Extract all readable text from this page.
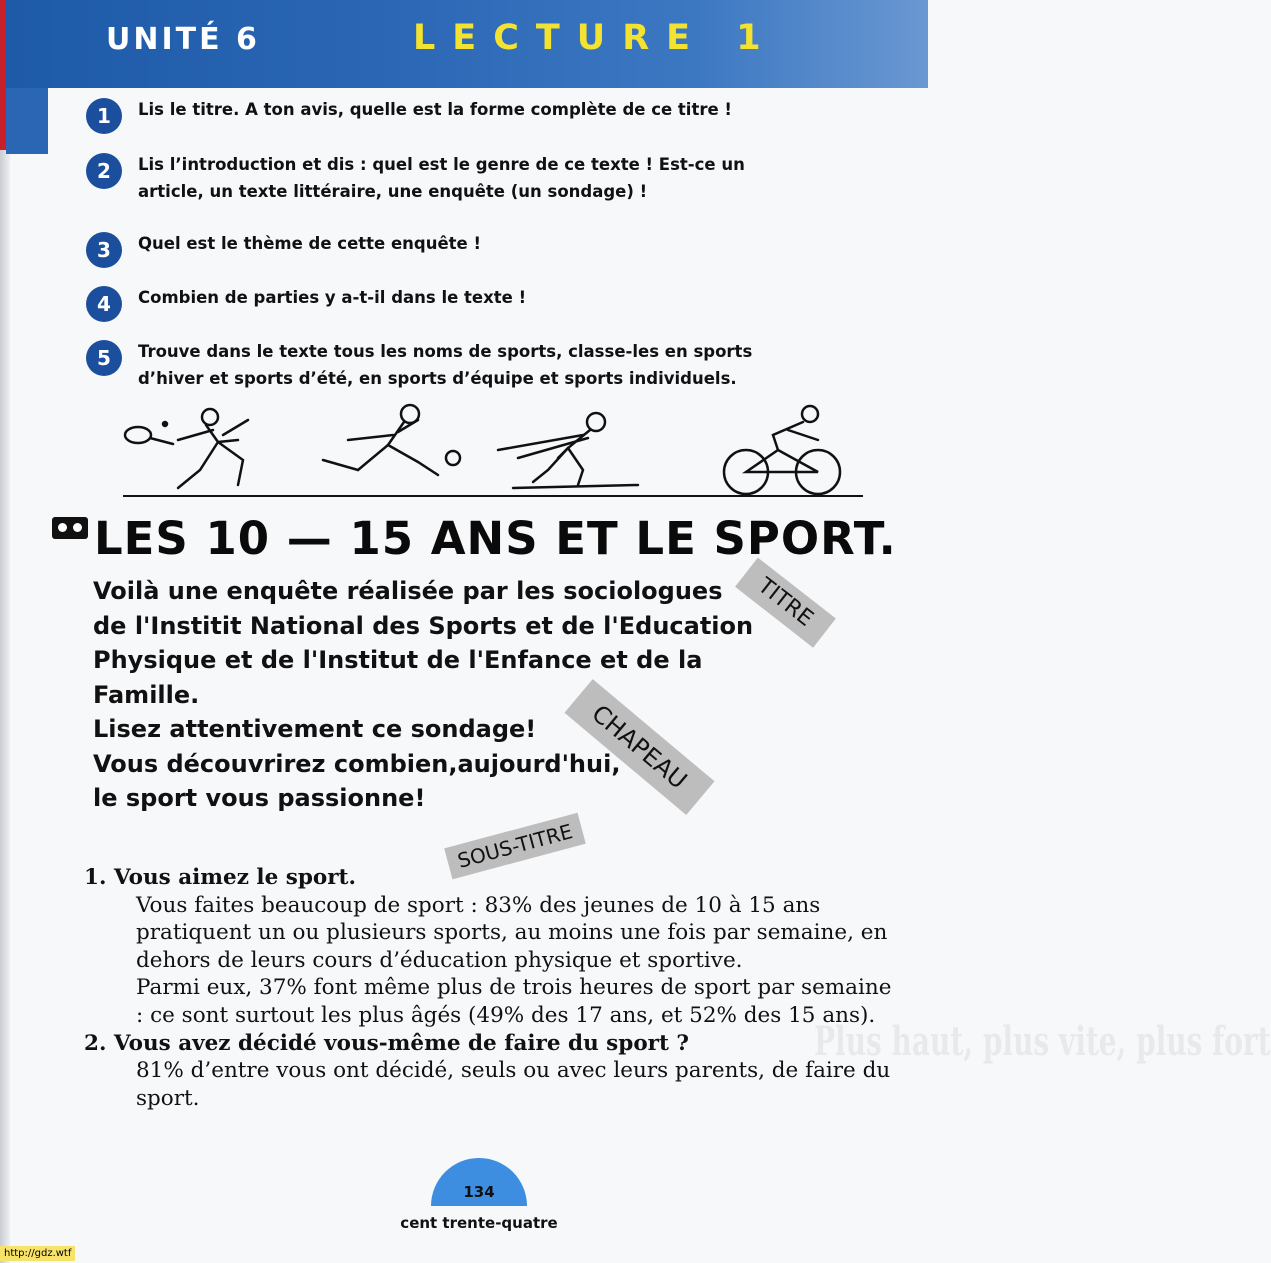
UNITÉ 6	LECTURE 1
1	Lis le titre. A ton avis, quelle est la forme complète de ce titre !
2	Lis l’introduction et dis : quel est le genre de ce texte ! Est-ce un article, un texte littéraire, une enquête (un sondage) !
3	Quel est le thème de cette enquête !
4	Combien de parties y a-t-il dans le texte !
5	Trouve dans le texte tous les noms de sports, classe-les en sports d’hiver et sports d’été, en sports d’équipe et sports individuels.
LES 10 — 15 ANS ET LE SPORT.
Voilà une enquête réalisée par les sociologues
de l'Institit National des Sports et de l'Education
Physique et de l'Institut de l'Enfance et de la
Famille.
Lisez attentivement ce sondage!
Vous découvrirez combien,aujourd'hui,
le sport vous passionne!
TITRE
CHAPEAU
SOUS-TITRE
Plus haut, plus vite, plus fort

1. Vous aimez le sport.

Vous faites beaucoup de sport : 83% des jeunes de 10 à 15 ans pratiquent un ou plusieurs sports, au moins une fois par semaine, en dehors de leurs cours d’éducation physique et sportive.

Parmi eux, 37% font même plus de trois heures de sport par semaine : ce sont surtout les plus âgés (49% des 17 ans, et 52% des 15 ans).

2. Vous avez décidé vous-même de faire du sport ?

81% d’entre vous ont décidé, seuls ou avec leurs parents, de faire du sport.

134
cent trente-quatre
http://gdz.wtf
